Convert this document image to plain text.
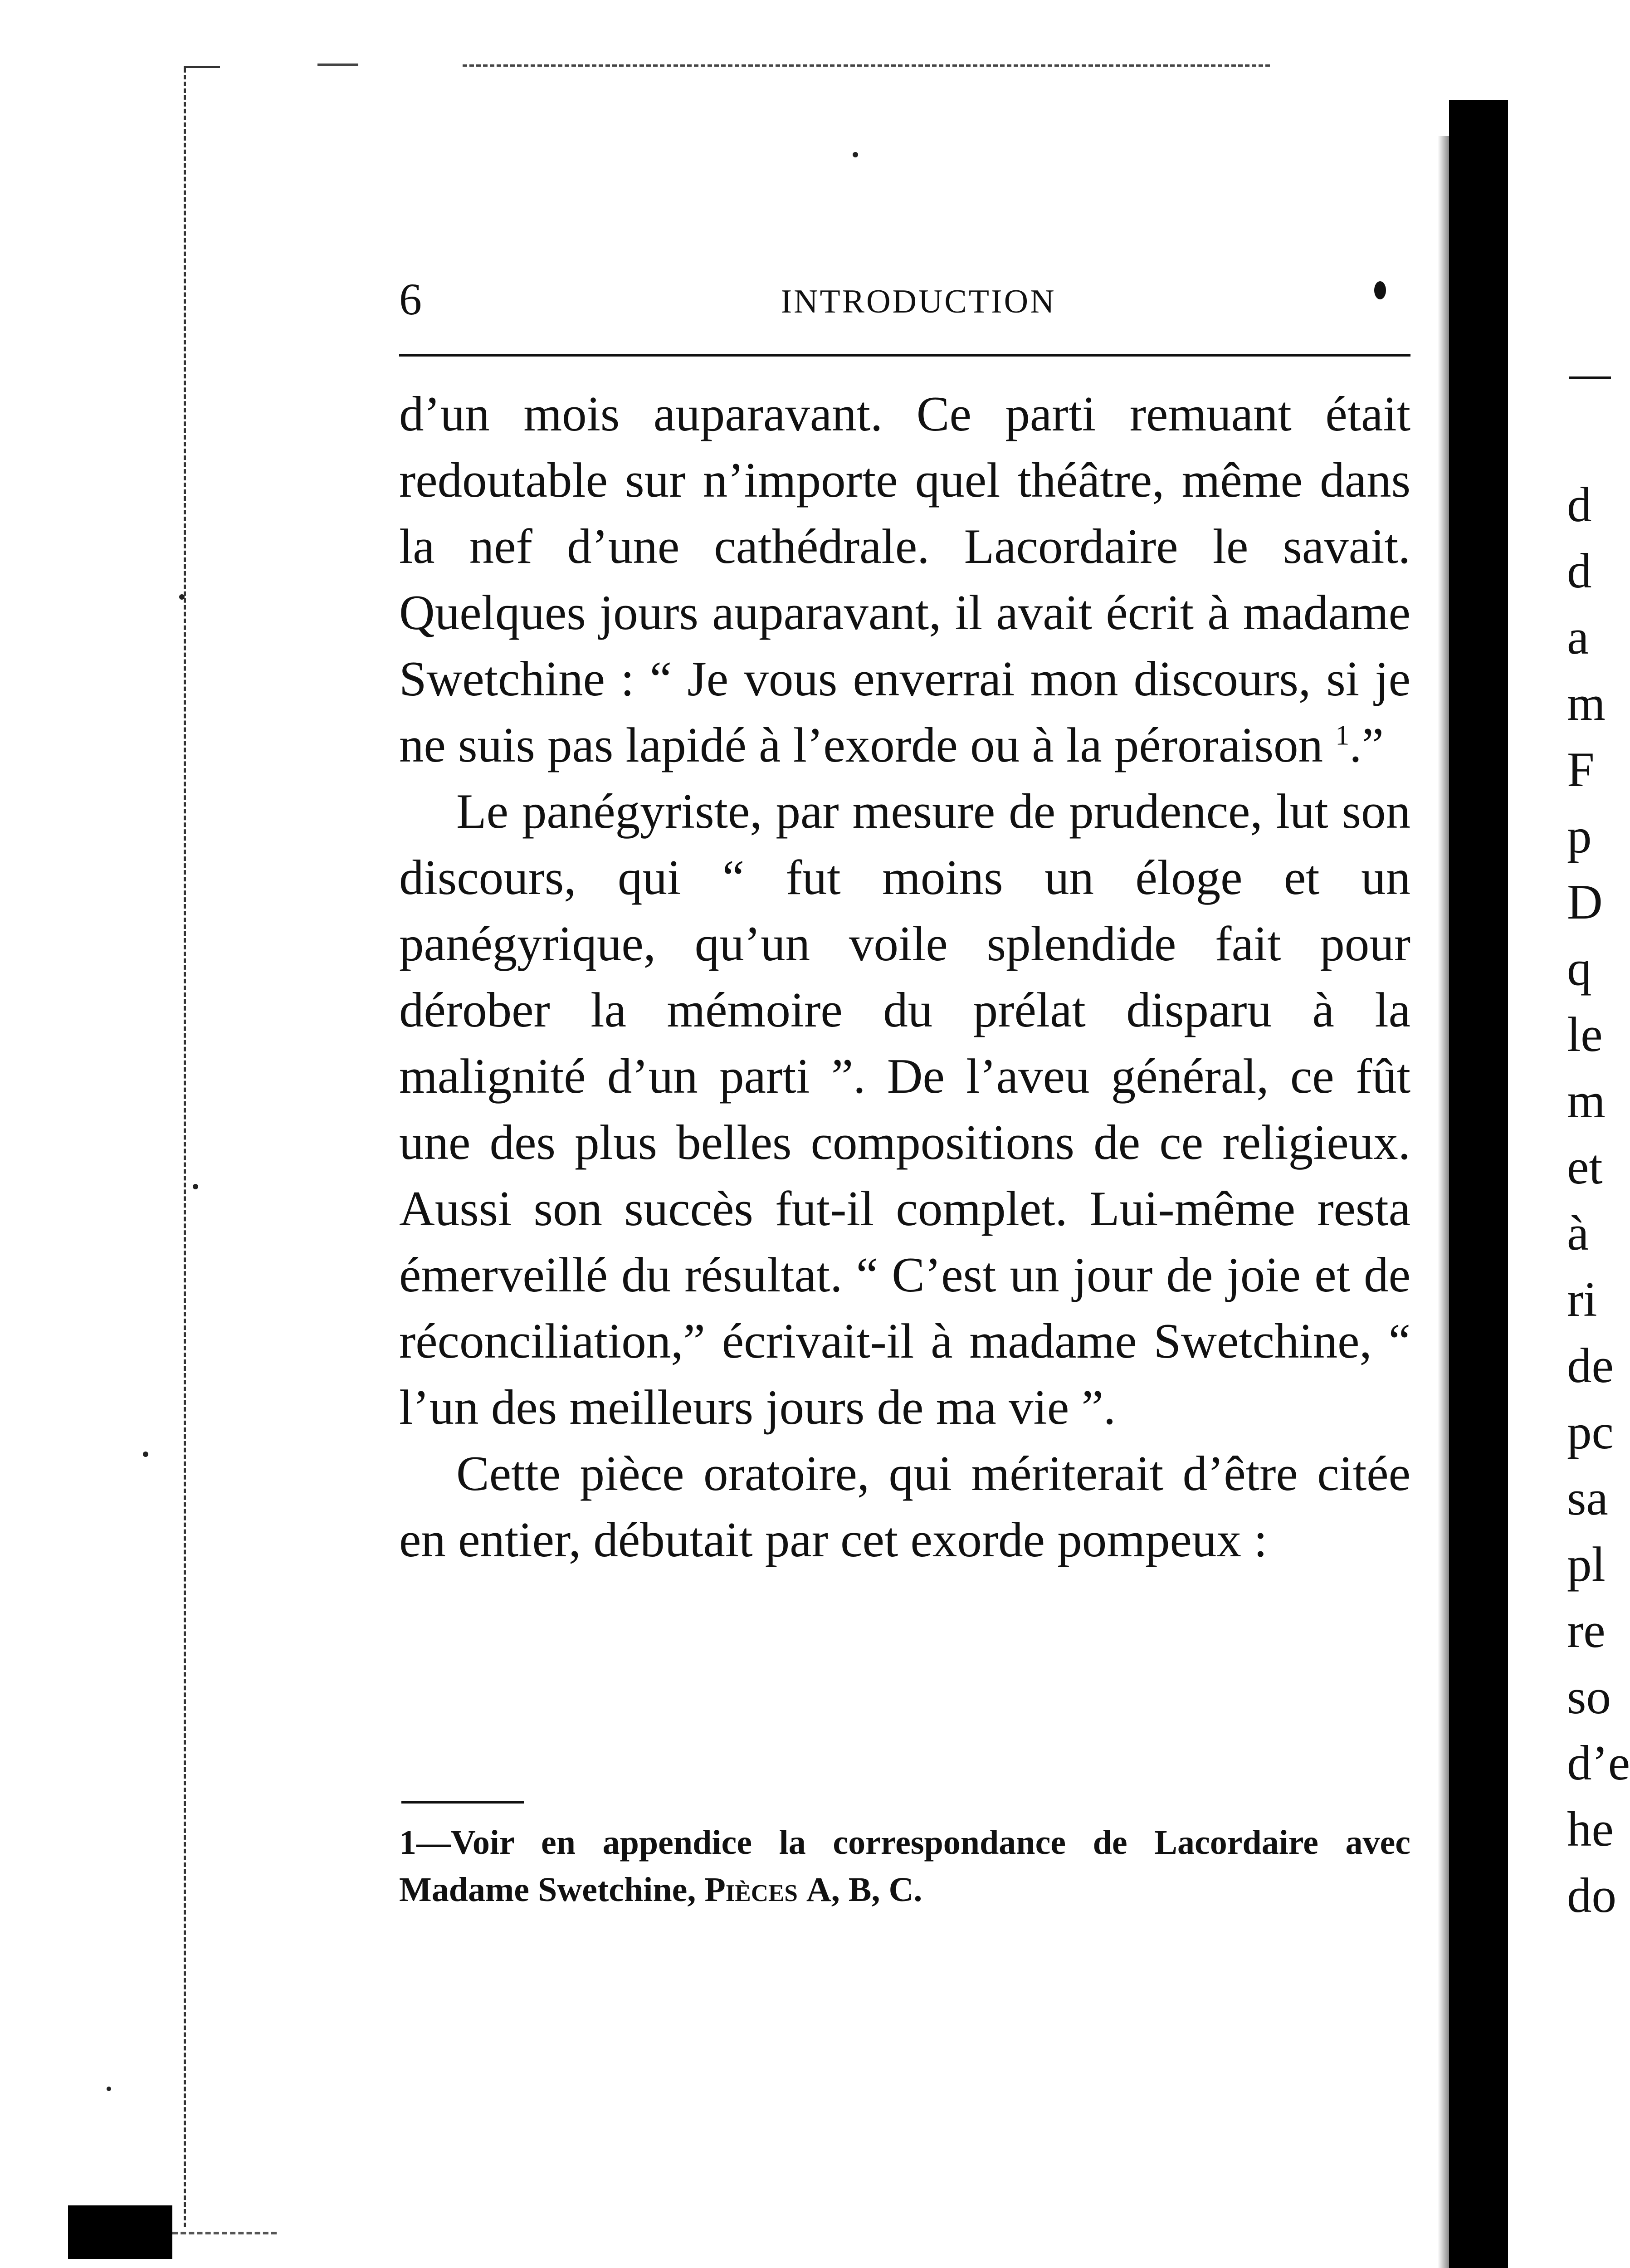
6	INTRODUCTION

d’un mois auparavant. Ce parti remuant était redoutable sur n’importe quel théâtre, même dans la nef d’une cathédrale. Lacordaire le savait. Quelques jours auparavant, il avait écrit à madame Swetchine : “ Je vous enverrai mon discours, si je ne suis pas lapidé à l’exorde ou à la péroraison $^1$.”

Le panégyriste, par mesure de prudence, lut son discours, qui “ fut moins un éloge et un panégyrique, qu’un voile splendide fait pour dérober la mémoire du prélat disparu à la malignité d’un parti ”. De l’aveu général, ce fût une des plus belles compositions de ce religieux. Aussi son succès fut-il complet. Lui-même resta émerveillé du résultat. “ C’est un jour de joie et de réconciliation,” écrivait-il à madame Swetchine, “ l’un des meilleurs jours de ma vie ”.

Cette pièce oratoire, qui mériterait d’être citée en entier, débutait par cet exorde pompeux :

1—Voir en appendice la correspondance de Lacordaire avec Madame Swetchine, Pièces A, B, C.

d
d
a
m
F
p
D
q
le
m
et
à
ri
de
pc
sa
pl
re
so
d’e
he
do
